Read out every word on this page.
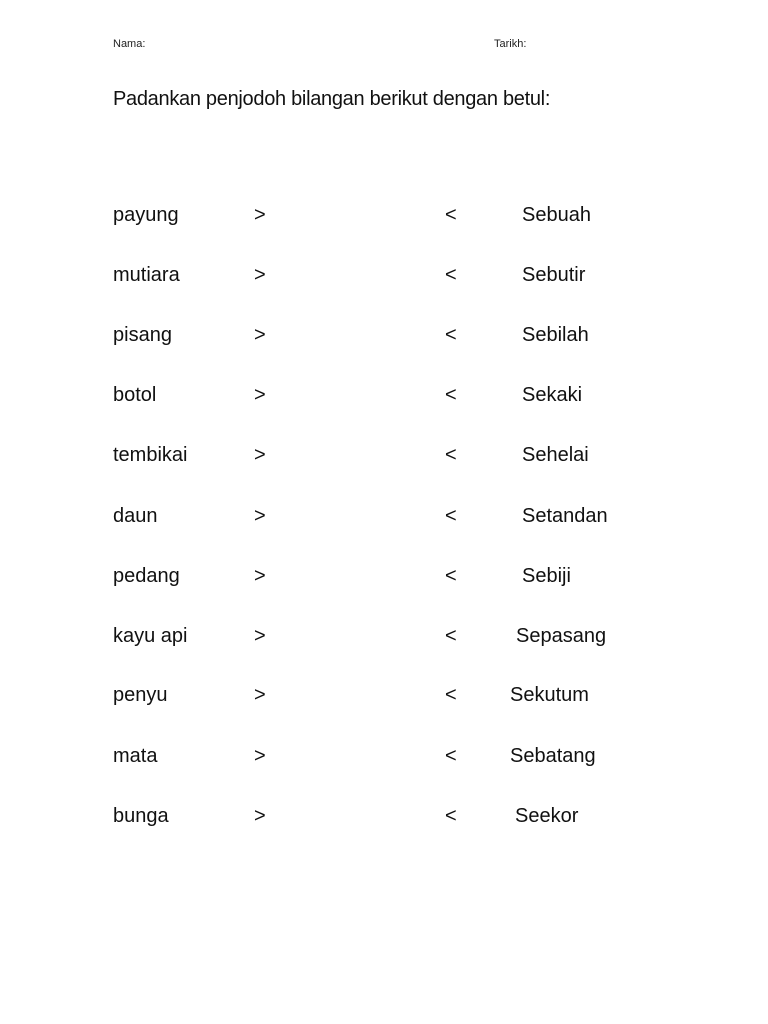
Nama:	Tarikh:
Padankan penjodoh bilangan berikut dengan betul:
payung	>	<	Sebuah
mutiara	>	<	Sebutir
pisang	>	<	Sebilah
botol	>	<	Sekaki
tembikai	>	<	Sehelai
daun	>	<	Setandan
pedang	>	<	Sebiji
kayu api	>	<	Sepasang
penyu	>	<	Sekutum
mata	>	<	Sebatang
bunga	>	<	Seekor
